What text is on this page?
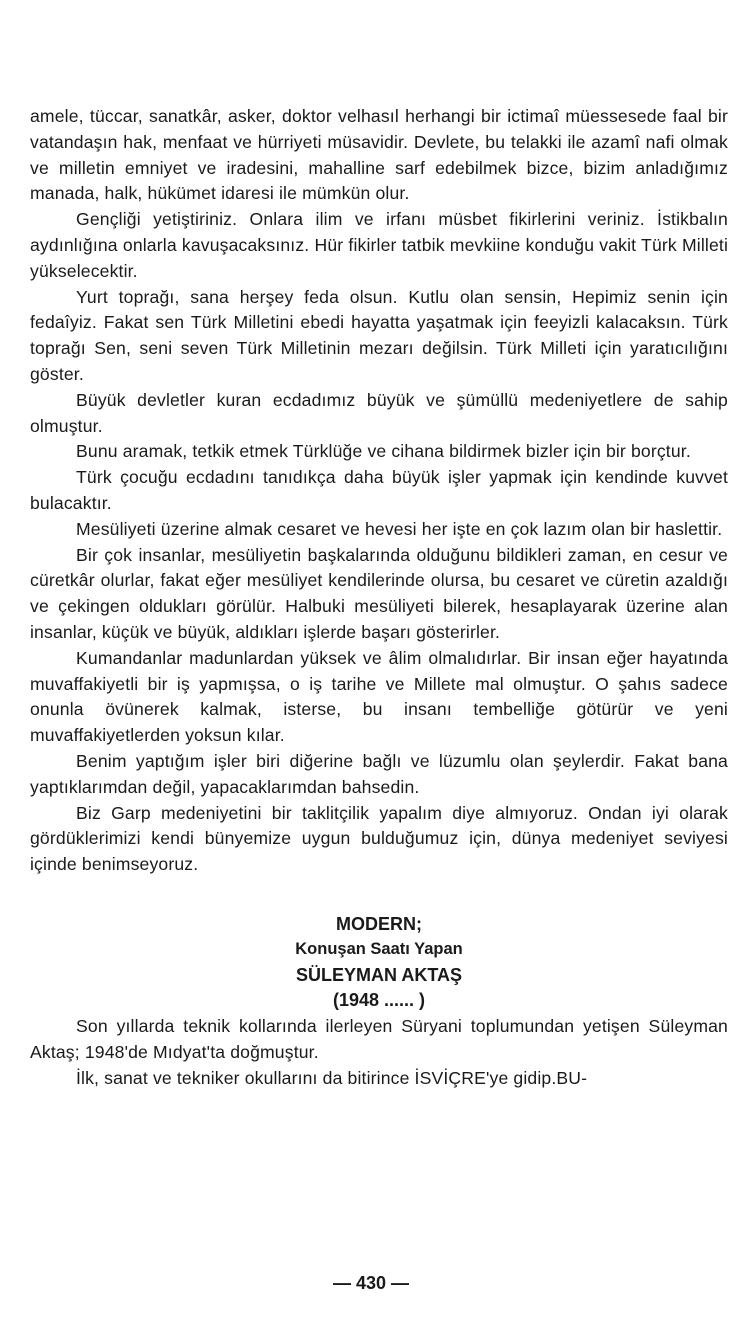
amele, tüccar, sanatkâr, asker, doktor velhasıl herhangi bir ictimaî müessesede faal bir vatandaşın hak, menfaat ve hürriyeti müsavidir. Devlete, bu telakki ile azamî nafi olmak ve milletin emniyet ve iradesini, mahalline sarf edebilmek bizce, bizim anladığımız manada, halk, hükümet idaresi ile mümkün olur.

Gençliği yetiştiriniz. Onlara ilim ve irfanı müsbet fikirlerini veriniz. İstikbalın aydınlığına onlarla kavuşacaksınız. Hür fikirler tatbik mevkiine konduğu vakit Türk Milleti yükselecektir.

Yurt toprağı, sana herşey feda olsun. Kutlu olan sensin, Hepimiz senin için fedaîyiz. Fakat sen Türk Milletini ebedi hayatta yaşatmak için feeyizli kalacaksın. Türk toprağı Sen, seni seven Türk Milletinin mezarı değilsin. Türk Milleti için yaratıcılığını göster.

Büyük devletler kuran ecdadımız büyük ve şümüllü medeniyetlere de sahip olmuştur.

Bunu aramak, tetkik etmek Türklüğe ve cihana bildirmek bizler için bir borçtur.

Türk çocuğu ecdadını tanıdıkça daha büyük işler yapmak için kendinde kuvvet bulacaktır.

Mesüliyeti üzerine almak cesaret ve hevesi her işte en çok lazım olan bir haslettir.

Bir çok insanlar, mesüliyetin başkalarında olduğunu bildikleri zaman, en cesur ve cüretkâr olurlar, fakat eğer mesüliyet kendilerinde olursa, bu cesaret ve cüretin azaldığı ve çekingen oldukları görülür. Halbuki mesüliyeti bilerek, hesaplayarak üzerine alan insanlar, küçük ve büyük, aldıkları işlerde başarı gösterirler.

Kumandanlar madunlardan yüksek ve âlim olmalıdırlar. Bir insan eğer hayatında muvaffakiyetli bir iş yapmışsa, o iş tarihe ve Millete mal olmuştur. O şahıs sadece onunla övünerek kalmak, isterse, bu insanı tembelliğe götürür ve yeni muvaffakiyetlerden yoksun kılar.

Benim yaptığım işler biri diğerine bağlı ve lüzumlu olan şeylerdir. Fakat bana yaptıklarımdan değil, yapacaklarımdan bahsedin.

Biz Garp medeniyetini bir taklitçilik yapalım diye almıyoruz. Ondan iyi olarak gördüklerimizi kendi bünyemize uygun bulduğumuz için, dünya medeniyet seviyesi içinde benimseyoruz.

MODERN;

Konuşan Saatı Yapan

SÜLEYMAN AKTAŞ

(1948 ...... )

Son yıllarda teknik kollarında ilerleyen Süryani toplumundan yetişen Süleyman Aktaş; 1948'de Mıdyat'ta doğmuştur.

İlk, sanat ve tekniker okullarını da bitirince İSVİÇRE'ye gidip.BU-

— 430 —
